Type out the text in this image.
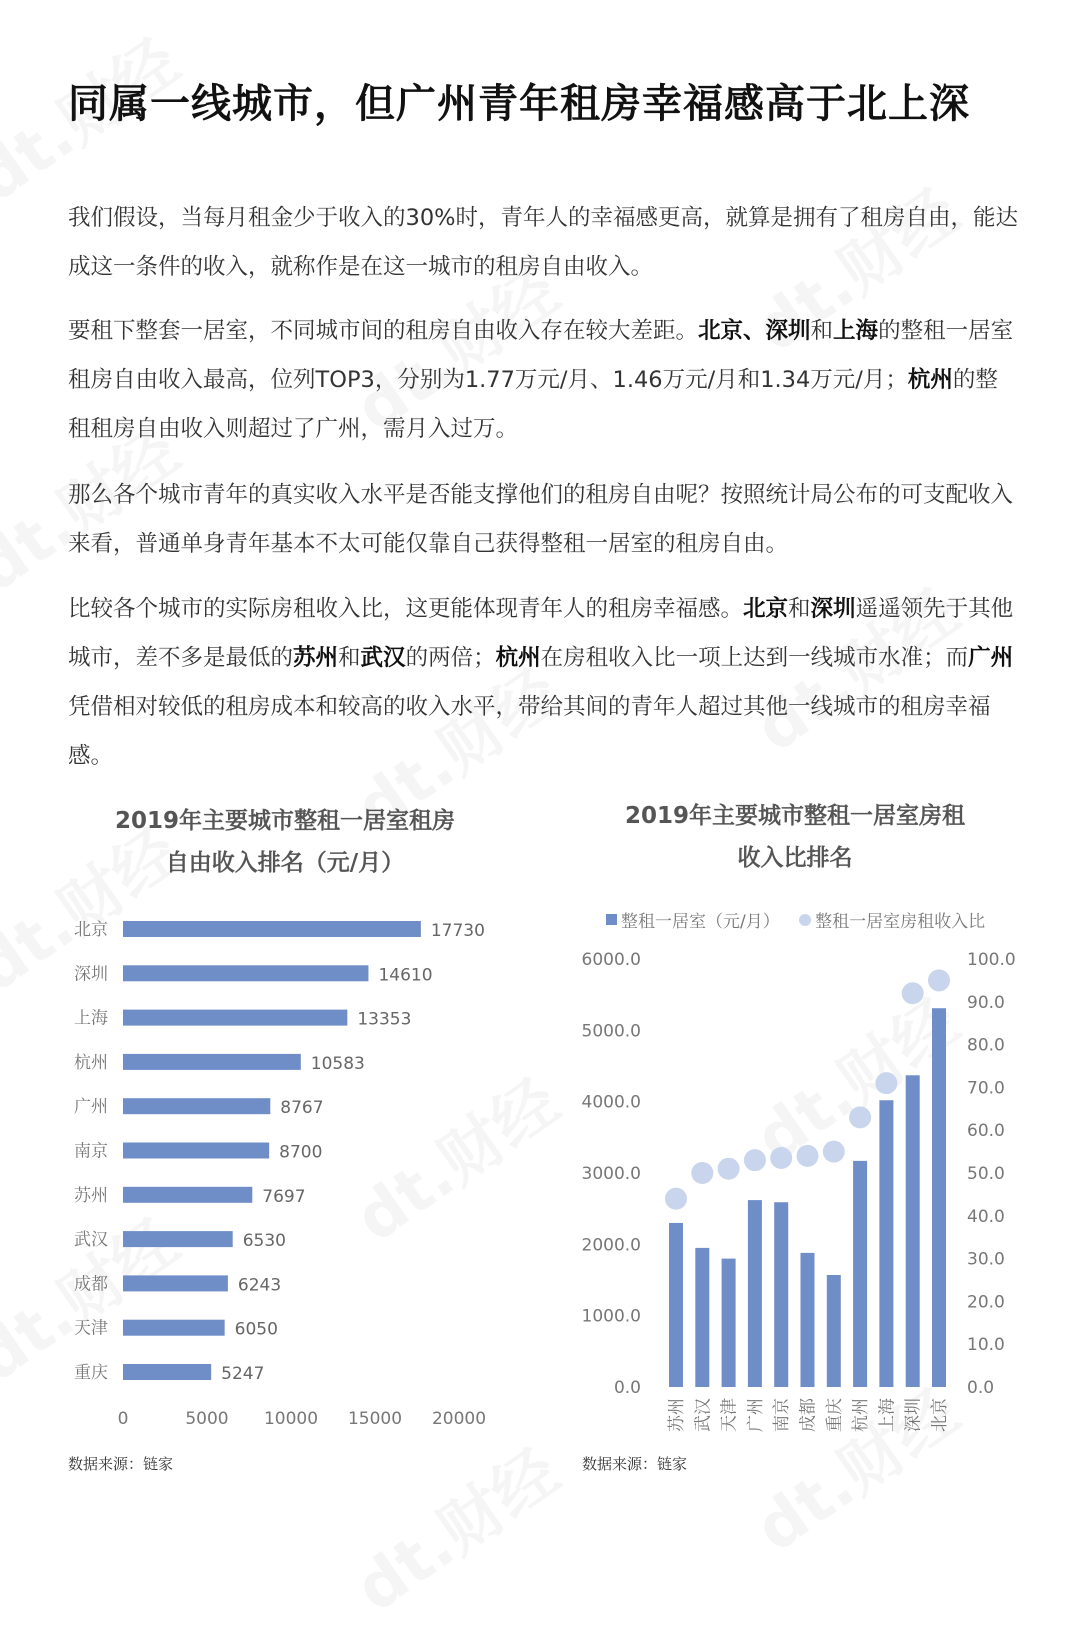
同属一线城市，但广州青年租房幸福感高于北上深

我们假设，当每月租金少于收入的30%时，青年人的幸福感更高，就算是拥有了租房自由，能达成这一条件的收入，就称作是在这一城市的租房自由收入。

要租下整套一居室，不同城市间的租房自由收入存在较大差距。北京、深圳和上海的整租一居室租房自由收入最高，位列TOP3，分别为1.77万元/月、1.46万元/月和1.34万元/月；杭州的整租租房自由收入则超过了广州，需月入过万。

那么各个城市青年的真实收入水平是否能支撑他们的租房自由呢？按照统计局公布的可支配收入来看，普通单身青年基本不太可能仅靠自己获得整租一居室的租房自由。

比较各个城市的实际房租收入比，这更能体现青年人的租房幸福感。北京和深圳遥遥领先于其他城市，差不多是最低的苏州和武汉的两倍；杭州在房租收入比一项上达到一线城市水准；而广州凭借相对较低的租房成本和较高的收入水平，带给其间的青年人超过其他一线城市的租房幸福感。

2019年主要城市整租一居室租房
自由收入排名（元/月）
2019年主要城市整租一居室房租
收入比排名
整租一居室（元/月） 整租一居室房租收入比
北京	17730
深圳	14610
上海	13353
杭州	10583
广州	8767
南京	8700
苏州	7697
武汉	6530
成都	6243
天津	6050
重庆	5247
0	5000 10000 15000 20000
0.0
1000.0
2000.0
3000.0
4000.0
5000.0
6000.0
0.0
10.0
20.0
30.0
40.0
50.0
60.0
70.0
80.0
90.0
100.0
苏州 武汉 天津 广州 南京 成都 重庆 杭州 上海 深圳 北京
数据来源：链家	数据来源：链家
